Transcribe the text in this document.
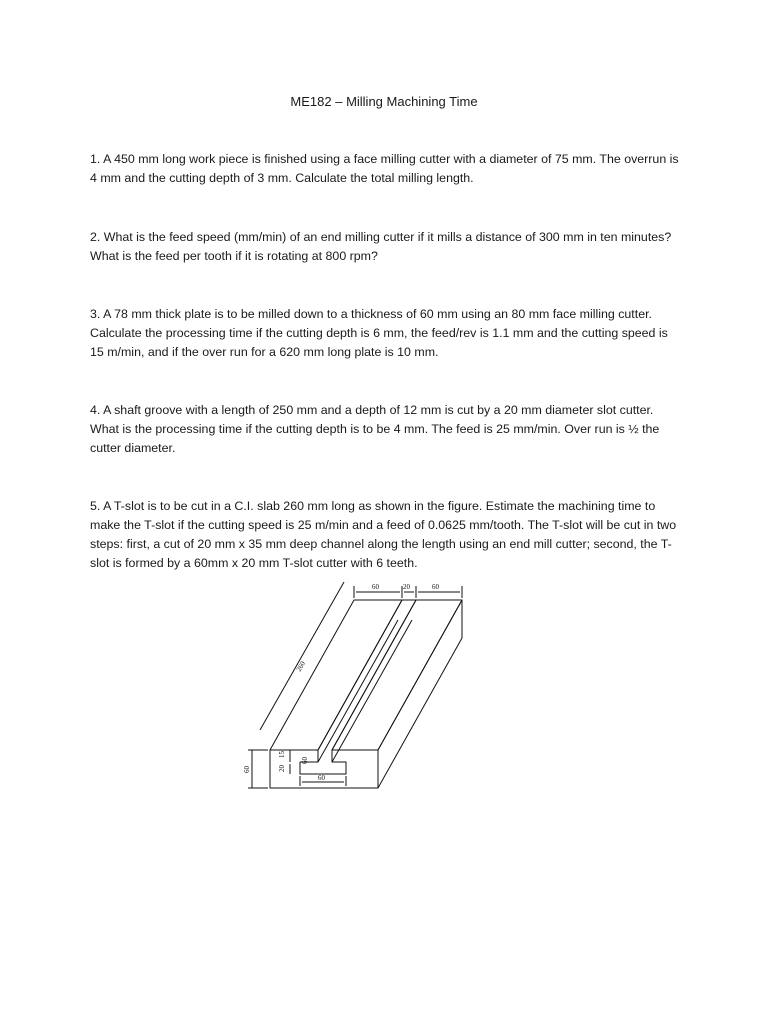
ME182 – Milling Machining Time

1. A 450 mm long work piece is finished using a face milling cutter with a diameter of 75 mm. The overrun is 4 mm and the cutting depth of 3 mm. Calculate the total milling length.

2. What is the feed speed (mm/min) of an end milling cutter if it mills a distance of 300 mm in ten minutes? What is the feed per tooth if it is rotating at 800 rpm?

3. A 78 mm thick plate is to be milled down to a thickness of 60 mm using an 80 mm face milling cutter. Calculate the processing time if the cutting depth is 6 mm, the feed/rev is 1.1 mm and the cutting speed is 15 m/min, and if the over run for a 620 mm long plate is 10 mm.

4. A shaft groove with a length of 250 mm and a depth of 12 mm is cut by a 20 mm diameter slot cutter. What is the processing time if the cutting depth is to be 4 mm. The feed is 25 mm/min. Over run is ½ the cutter diameter.

5. A T-slot is to be cut in a C.I. slab 260 mm long as shown in the figure. Estimate the machining time to make the T-slot if the cutting speed is 25 m/min and a feed of 0.0625 mm/tooth. The T-slot will be cut in two steps: first, a cut of 20 mm x 35 mm deep channel along the length using an end mill cutter; second, the T-slot is formed by a 60mm x 20 mm T-slot cutter with 6 teeth.

60	20	60
260
60	20
15
60
60
